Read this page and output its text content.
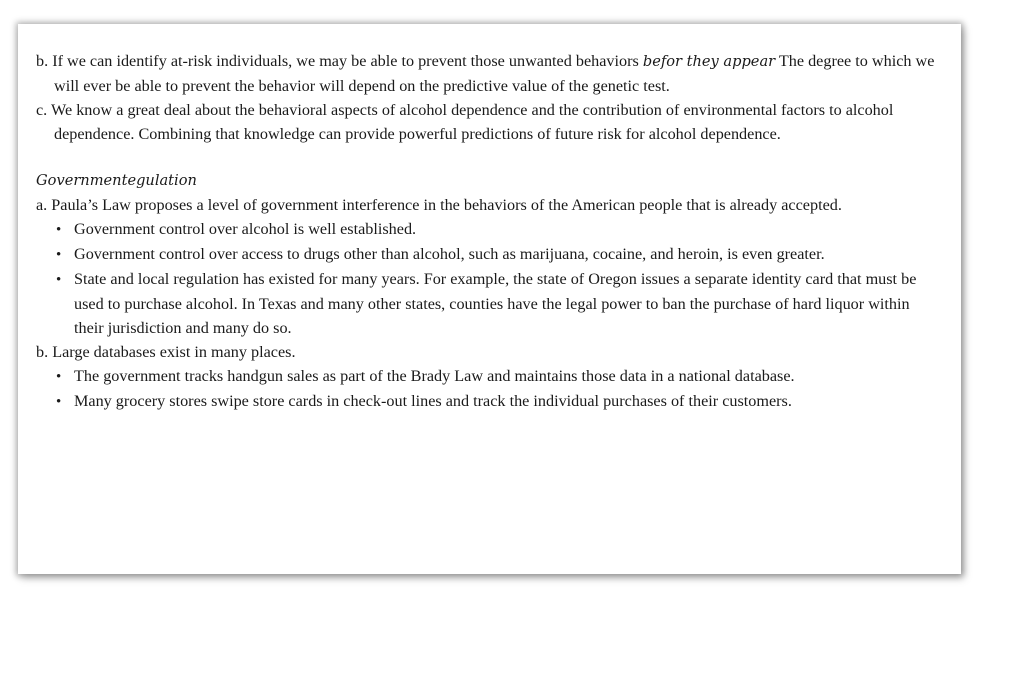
b. If we can identify at-risk individuals, we may be able to prevent those unwanted behaviors befor they appear The degree to which we will ever be able to prevent the behavior will depend on the predictive value of the genetic test.
c. We know a great deal about the behavioral aspects of alcohol dependence and the contribution of environmental factors to alcohol dependence. Combining that knowledge can provide powerful predictions of future risk for alcohol dependence.
Governmentegulation
a. Paula’s Law proposes a level of government interference in the behaviors of the American people that is already accepted.
• Government control over alcohol is well established.
• Government control over access to drugs other than alcohol, such as marijuana, cocaine, and heroin, is even greater.
• State and local regulation has existed for many years. For example, the state of Oregon issues a separate identity card that must be used to purchase alcohol. In Texas and many other states, counties have the legal power to ban the purchase of hard liquor within their jurisdiction and many do so.
b. Large databases exist in many places.
• The government tracks handgun sales as part of the Brady Law and maintains those data in a national database.
• Many grocery stores swipe store cards in check-out lines and track the individual purchases of their customers.
